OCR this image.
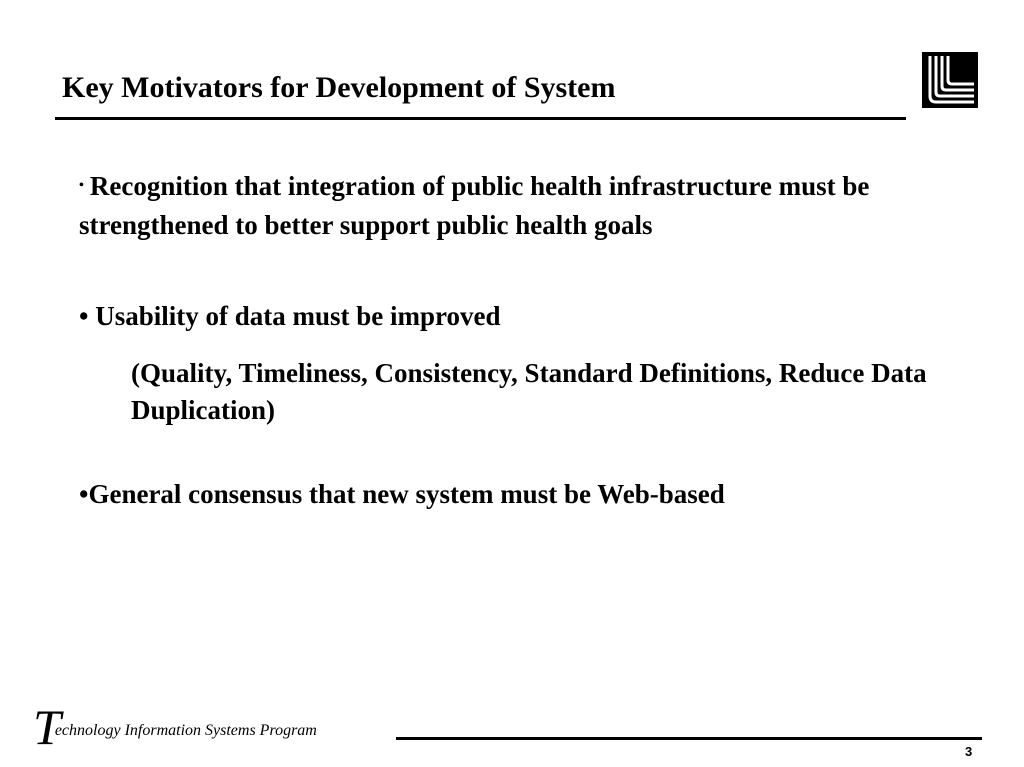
Key Motivators for Development of System
• Recognition that integration of public health infrastructure must be strengthened to better support public health goals
• Usability of data must be improved
(Quality, Timeliness, Consistency, Standard Definitions, Reduce Data Duplication)
•General consensus that new system must be Web-based
Technology Information Systems Program
3
